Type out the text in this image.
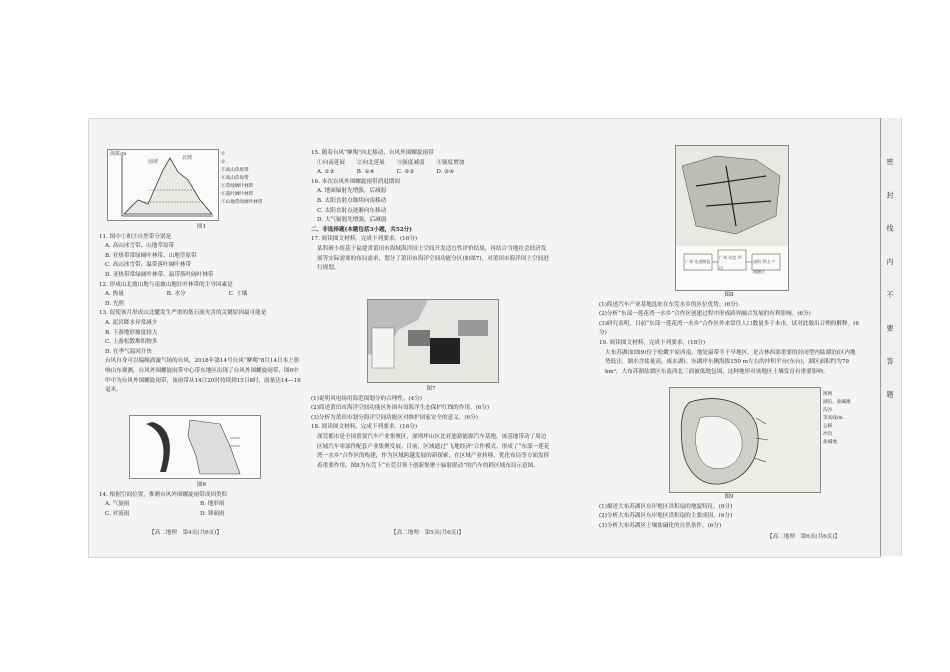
海拔/m
南坡
北坡
①
②
③高山草原带
④高山草甸带
⑤常绿阔叶林带
⑥落叶阔叶林带
⑦山地常绿阔叶林带

图1

11. 图中①和③自然带分别是

A. 高山冰雪带、山地草原带

B. 亚热带常绿阔叶林带、山地草原带

C. 高山冰雪带、温带落叶阔叶林带

D. 亚热带常绿阔叶林带、温带落叶阔叶林带

12. 形成山北坡山地与南坡山地针叶林带的主导因素是

A. 热量	B. 水分	C. 土壤 D. 光照

13. 促使该月形成山北麓发生严重的低石流灾害的关键原因最可能是

A. 泥岩降水异常减少

B. 下游地形坡度较大

C. 上游松散堆积物多

D. 在季气温回升快

台风自身可以编绳涡漩气场的台风，2018年第14号台风“摩羯”8月14日本上影响山东观测，台风外围螺旋雨带中心带东地区出现了台风外围螺旋雨带，图6中甲中为台风外围螺旋雨带，该雨带从14日20时持续到15日8时，雨量达14—16毫米。

图6

14. 根据空间位置，推测台风外围螺旋雨带成因类似

A. 气旋雨	B. 地形雨

C. 对流雨	D. 锋面雨

【高二地理　第4页(共6页)】

15. 随着台风“摩羯”向北移动，台风外围螺旋雨带

①向南延展 ②向北延展 ③强度减弱 ④强度增加

A. ①③	B. ①④	C. ②③	D. ②④

16. 本次台风外围螺旋雨带消退期间

A. 地面辐射先增强，后减弱

B. 太阳直射点继续向南移动

C. 太阳直射点逐渐向东移动

D. 大气辐射先增强，后减弱

二、非选择题(本题包括3小题，共52分)

17. 阅读图文材料，完成下列要求。(16分)

某科研小组基于福建省莆田市海域海洋国土空间开发适宜性评价结果，再结合当地社会经济发展等实际需要的布局需求，划分了莆田市海洋空间功能分区(如图7)，对莆田市海洋国土空间进行规划。

图7

(1)说明风电场用海范围划分的合理性。(4分)

(2)简述莆田市海洋空间功能区外围有设海洋生态保护红线的作用。(6分)

(3)分析为莆田市划分海洋空间功能区对维护国家安全的意义。(6分)

18. 阅读图文材料，完成下列要求。(16分)

深莞都市是全国重要汽车产业集聚区，深圳坪山区比亚迪新能源汽车基地，该基地带动了周边区域汽车零部件配套产业集聚发展。目前，区域通过“飞地经济”合作模式，形成了“东部一莲花湾一水乡”合作区的构建，作为区域跨越发展的新探索，在区域产业转移、优化布局等方面发挥着重要作用，图8为东莞下“东莞引领十创新集聚十辐射联动”的汽车的跨区域布局示意图。

【高二地理　第5页(共6页)】
广州 先进制造
广州 东莞 坪山
深圳 坪山 产城融合

图8

(1)简述汽车产业基地选址在东莞水乡的区位优势。(6分)

(2)分析“东部一莲花湾一水乡”合作区创建过程中形成跨界融合发展的有利影响。(6分)

(3)研究表明，目前“东部一莲花湾一水乡”合作区外来常住人口数量多于本市，试对此做出合理的解释。(6分)

19. 阅读图文材料，完成下列要求。(18分)

大布苏湖(如图9)位于松嫩平原西南，地处温带半干旱地区，是吉林西部重要的封闭型内陆湖泊(区内地势低洼，湖水含盐量高，咸水湖)。东湖岸东侧海拔150 m左右的冲积平台(东台)，湖区面积约为79 km²，大布苏湖盐湖区东南西北三面被低地包围，这种地形对该地区土壤发育有重要影响。

图例
湖泊、盐碱滩
沟谷
等高线/m
公路
冲沟
盐碱地

图9

(1)描述大布苏湖区东岸地区洪积扇的地貌特征。(6分)

(2)分析大布苏湖区东岸地区洪积扇的主要成因。(6分)

(3)分析大布苏湖区土壤盐碱化的自然条件。(6分)

【高二地理　第6页(共6页)】
密 封 线 内 不 要 答 题
